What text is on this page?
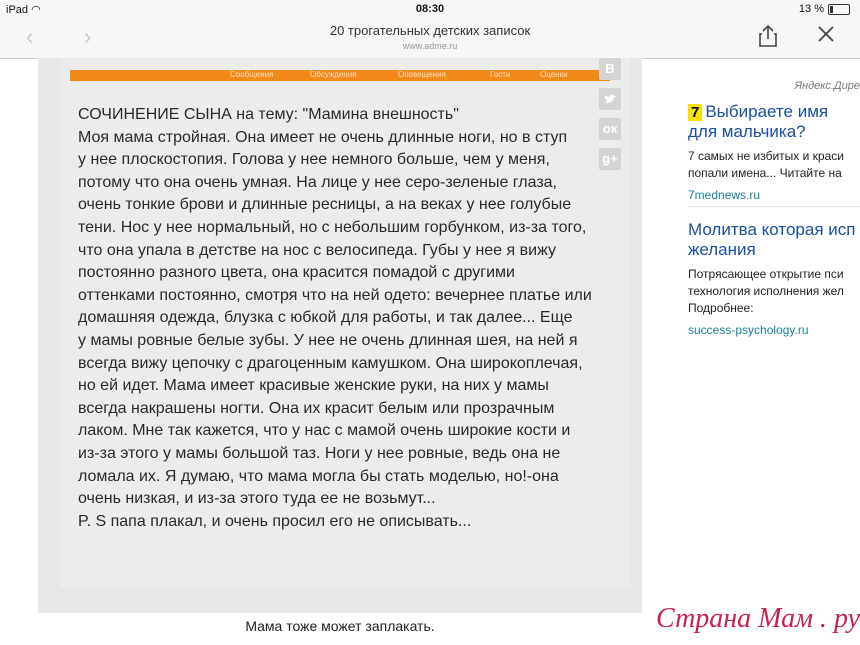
iPad ◠	08:30	13 %
‹ ›	20 трогательных детских записок
www.adme.ru
Сообщения	Обсуждения	Оповещения	Гости	Оценки
СОЧИНЕНИЕ СЫНА на тему: "Мамина внешность"
Моя мама стройная. Она имеет не очень длинные ноги, но в ступ
у нее плоскостопия. Голова у нее немного больше, чем у меня,
потому что она очень умная. На лице у нее серо-зеленые глаза,
очень тонкие брови и длинные ресницы, а на веках у нее голубые
тени. Нос у нее нормальный, но с небольшим горбунком, из-за того,
что она упала в детстве на нос с велосипеда. Губы у нее я вижу
постоянно разного цвета, она красится помадой с другими
оттенками постоянно, смотря что на ней одето: вечернее платье или
домашняя одежда, блузка с юбкой для работы, и так далее... Еще
у мамы ровные белые зубы. У нее не очень длинная шея, на ней я
всегда вижу цепочку с драгоценным камушком. Она широкоплечая,
но ей идет. Мама имеет красивые женские руки, на них у мамы
всегда накрашены ногти. Она их красит белым или прозрачным
лаком. Мне так кажется, что у нас с мамой очень широкие кости и
из-за этого у мамы большой таз. Ноги у нее ровные, ведь она не
ломала их. Я думаю, что мама могла бы стать моделью, но!-она
очень низкая, и из-за этого туда ее не возьмут...
P. S папа плакал, и очень просил его не описывать...
В
ок
g+
Мама тоже может заплакать.
Яндекс.Дире
7 Выбираете имя
для мальчика?
7 самых не избитых и краси
попали имена... Читайте на
7mednews.ru
Молитва которая исп
желания
Потрясающее открытие пси
технология исполнения жел
Подробнее:
success-psychology.ru
Страна Мам . ру
